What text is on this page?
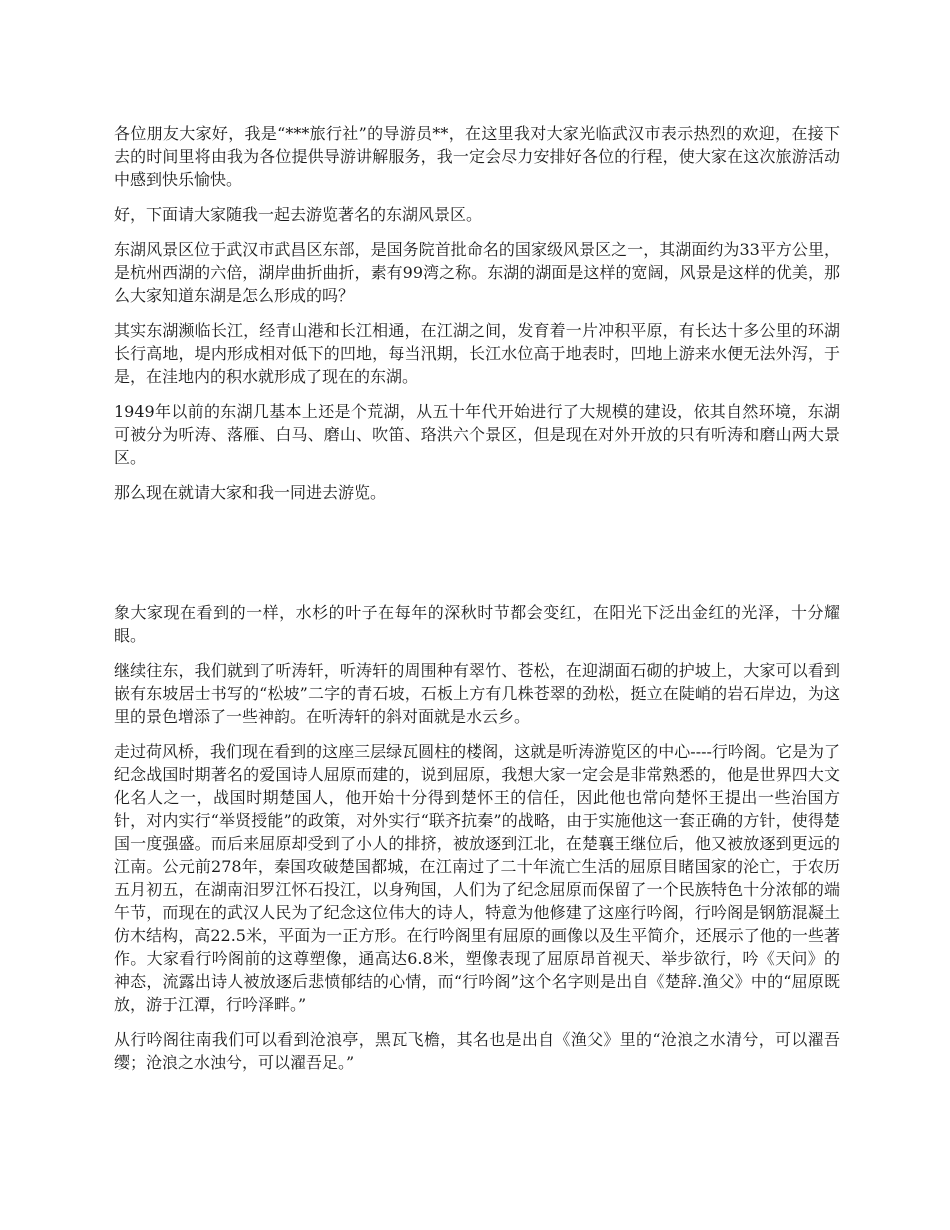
各位朋友大家好，我是“***旅行社”的导游员**，在这里我对大家光临武汉市表示热烈的欢迎，在接下去的时间里将由我为各位提供导游讲解服务，我一定会尽力安排好各位的行程，使大家在这次旅游活动中感到快乐愉快。

好，下面请大家随我一起去游览著名的东湖风景区。

东湖风景区位于武汉市武昌区东部，是国务院首批命名的国家级风景区之一，其湖面约为33平方公里，是杭州西湖的六倍，湖岸曲折曲折，素有99湾之称。东湖的湖面是这样的宽阔，风景是这样的优美，那么大家知道东湖是怎么形成的吗？

其实东湖濒临长江，经青山港和长江相通，在江湖之间，发育着一片冲积平原，有长达十多公里的环湖长行高地，堤内形成相对低下的凹地，每当汛期，长江水位高于地表时，凹地上游来水便无法外泻，于是，在洼地内的积水就形成了现在的东湖。

1949年以前的东湖几基本上还是个荒湖，从五十年代开始进行了大规模的建设，依其自然环境，东湖可被分为听涛、落雁、白马、磨山、吹笛、珞洪六个景区，但是现在对外开放的只有听涛和磨山两大景区。

那么现在就请大家和我一同进去游览。

象大家现在看到的一样，水杉的叶子在每年的深秋时节都会变红，在阳光下泛出金红的光泽，十分耀眼。

继续往东，我们就到了听涛轩，听涛轩的周围种有翠竹、苍松，在迎湖面石砌的护坡上，大家可以看到嵌有东坡居士书写的“松坡”二字的青石坡，石板上方有几株苍翠的劲松，挺立在陡峭的岩石岸边，为这里的景色增添了一些神韵。在听涛轩的斜对面就是水云乡。

走过荷风桥，我们现在看到的这座三层绿瓦圆柱的楼阁，这就是听涛游览区的中心----行吟阁。它是为了纪念战国时期著名的爱国诗人屈原而建的，说到屈原，我想大家一定会是非常熟悉的，他是世界四大文化名人之一，战国时期楚国人，他开始十分得到楚怀王的信任，因此他也常向楚怀王提出一些治国方针，对内实行“举贤授能”的政策，对外实行“联齐抗秦”的战略，由于实施他这一套正确的方针，使得楚国一度强盛。而后来屈原却受到了小人的排挤，被放逐到江北，在楚襄王继位后，他又被放逐到更远的江南。公元前278年，秦国攻破楚国都城，在江南过了二十年流亡生活的屈原目睹国家的沦亡，于农历五月初五，在湖南汨罗江怀石投江，以身殉国，人们为了纪念屈原而保留了一个民族特色十分浓郁的端午节，而现在的武汉人民为了纪念这位伟大的诗人，特意为他修建了这座行吟阁，行吟阁是钢筋混凝土仿木结构，高22.5米，平面为一正方形。在行吟阁里有屈原的画像以及生平简介，还展示了他的一些著作。大家看行吟阁前的这尊塑像，通高达6.8米，塑像表现了屈原昂首视天、举步欲行，吟《天问》的神态，流露出诗人被放逐后悲愤郁结的心情，而“行吟阁”这个名字则是出自《楚辞.渔父》中的“屈原既放，游于江潭，行吟泽畔。”

从行吟阁往南我们可以看到沧浪亭，黑瓦飞檐，其名也是出自《渔父》里的“沧浪之水清兮，可以濯吾缨；沧浪之水浊兮，可以濯吾足。”
